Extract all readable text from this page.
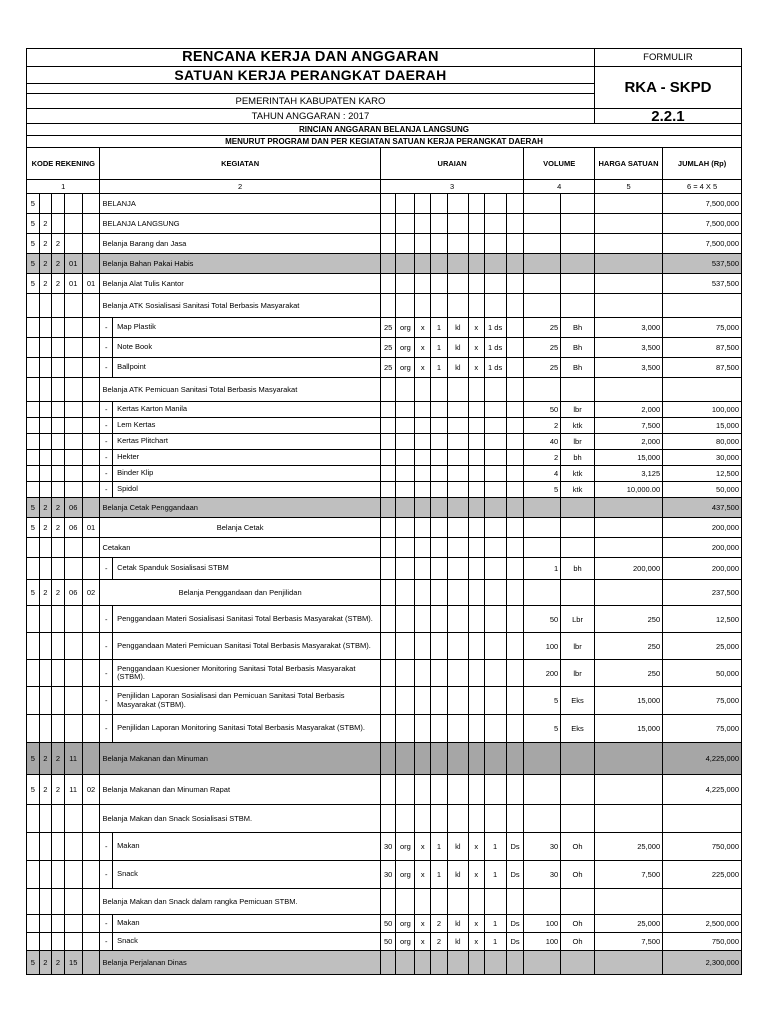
RENCANA KERJA DAN ANGGARAN																	FORMULIR	
SATUAN KERJA PERANGKAT DAERAH																	RKA - SKPD	

PEMERINTAH KABUPATEN KARO																		
TAHUN ANGGARAN : 2017																	2.2.1	
RINCIAN ANGGARAN BELANJA LANGSUNG																		
MENURUT PROGRAM DAN PER KEGIATAN SATUAN KERJA PERANGKAT DAERAH																		
KODE REKENING					KEGIATAN		URAIAN								VOLUME		HARGA SATUAN	JUMLAH (Rp)
1					2		3								4		5	6 = 4 X 5
5					BELANJA													7,500,000
5	2				BELANJA LANGSUNG													7,500,000
5	2	2			Belanja Barang dan Jasa													7,500,000
5	2	2	01		Belanja Bahan Pakai Habis													537,500
5	2	2	01	01	Belanja Alat Tulis Kantor													537,500
					Belanja ATK Sosialisasi Sanitasi Total Berbasis Masyarakat													
					-	Map Plastik	25	org	x	1	kl	x	1 ds		25	Bh	3,000	75,000
					-	Note Book	25	org	x	1	kl	x	1 ds		25	Bh	3,500	87,500
					-	Ballpoint	25	org	x	1	kl	x	1 ds		25	Bh	3,500	87,500
					Belanja ATK Pemicuan Sanitasi Total Berbasis Masyarakat													
					-	Kertas Karton Manila									50	lbr	2,000	100,000
					-	Lem Kertas									2	ktk	7,500	15,000
					-	Kertas Plitchart									40	lbr	2,000	80,000
					-	Hekter									2	bh	15,000	30,000
					-	Binder Klip									4	ktk	3,125	12,500
					-	Spidol									5	ktk	10,000.00	50,000
5	2	2	06		Belanja Cetak Penggandaan													437,500
5	2	2	06	01	Belanja Cetak													200,000
					Cetakan													200,000
					-	Cetak Spanduk Sosialisasi STBM									1	bh	200,000	200,000
5	2	2	06	02	Belanja Penggandaan dan Penjilidan													237,500
					-	Penggandaan Materi Sosialisasi Sanitasi Total Berbasis Masyarakat (STBM).									50	Lbr	250	12,500
					-	Penggandaan Materi Pemicuan Sanitasi Total Berbasis Masyarakat (STBM).									100	lbr	250	25,000
					-	Penggandaan Kuesioner Monitoring Sanitasi Total Berbasis Masyarakat (STBM).									200	lbr	250	50,000
					-	Penjilidan Laporan Sosialisasi dan Pemicuan Sanitasi Total Berbasis Masyarakat (STBM).									5	Eks	15,000	75,000
					-	Penjilidan Laporan Monitoring Sanitasi Total Berbasis Masyarakat (STBM).									5	Eks	15,000	75,000
5	2	2	11		Belanja Makanan dan Minuman													4,225,000
5	2	2	11	02	Belanja Makanan dan Minuman Rapat													4,225,000
					Belanja Makan dan Snack Sosialisasi STBM.													
					-	Makan	30	org	x	1	kl	x	1	Ds	30	Oh	25,000	750,000
					-	Snack	30	org	x	1	kl	x	1	Ds	30	Oh	7,500	225,000
					Belanja Makan dan Snack dalam rangka Pemicuan STBM.													
					-	Makan	50	org	x	2	kl	x	1	Ds	100	Oh	25,000	2,500,000
					-	Snack	50	org	x	2	kl	x	1	Ds	100	Oh	7,500	750,000
5	2	2	15		Belanja Perjalanan Dinas													2,300,000
